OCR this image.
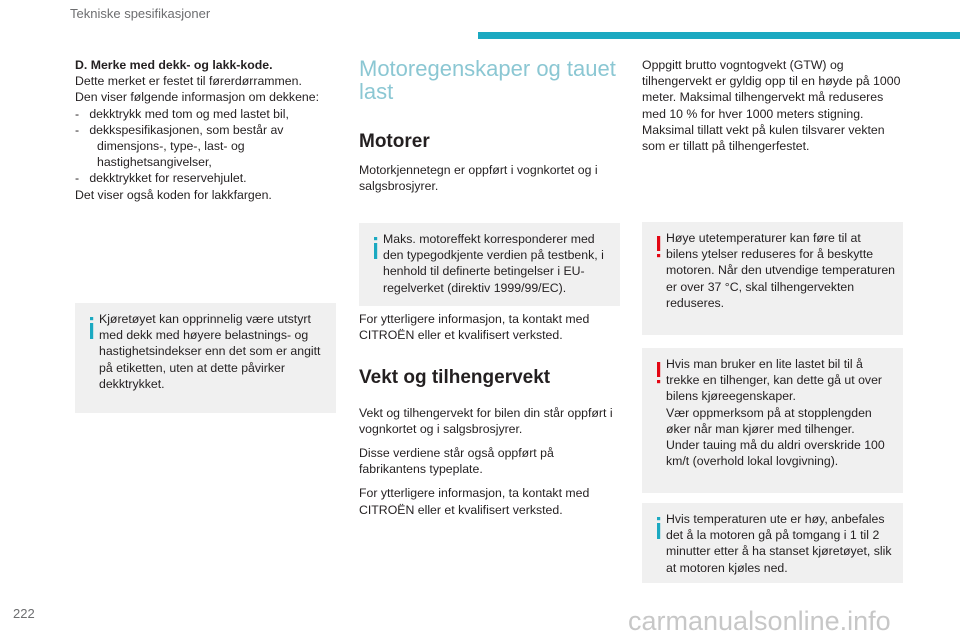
Tekniske spesifikasjoner

D. Merke med dekk- og lakk-kode.

Dette merket er festet til førerdørrammen.

Den viser følgende informasjon om dekkene:

-   dekktrykk med tom og med lastet bil,

-   dekkspesifikasjonen, som består av dimensjons-, type-, last- og hastighetsangivelser,

-   dekktrykket for reservehjulet.

Det viser også koden for lakkfargen.

Kjøretøyet kan opprinnelig være utstyrt med dekk med høyere belastnings- og hastighetsindekser enn det som er angitt på etiketten, uten at dette påvirker dekktrykket.
Motoregenskaper og tauet last
Motorer

Motorkjennetegn er oppført i vognkortet og i salgsbrosjyrer.

Maks. motoreffekt korresponderer med den typegodkjente verdien på testbenk, i henhold til definerte betingelser i EU-regelverket (direktiv 1999/99/EC).

For ytterligere informasjon, ta kontakt med CITROËN eller et kvalifisert verksted.

Vekt og tilhengervekt

Vekt og tilhengervekt for bilen din står oppført i vognkortet og i salgsbrosjyrer.

Disse verdiene står også oppført på fabrikantens typeplate.

For ytterligere informasjon, ta kontakt med CITROËN eller et kvalifisert verksted.

Oppgitt brutto vogntogvekt (GTW) og tilhengervekt er gyldig opp til en høyde på 1000 meter. Maksimal tilhengervekt må reduseres med 10 % for hver 1000 meters stigning.

Maksimal tillatt vekt på kulen tilsvarer vekten som er tillatt på tilhengerfestet.

Høye utetemperaturer kan føre til at bilens ytelser reduseres for å beskytte motoren. Når den utvendige temperaturen er over 37 °C, skal tilhengervekten reduseres.

Hvis man bruker en lite lastet bil til å trekke en tilhenger, kan dette gå ut over bilens kjøreegenskaper.

Vær oppmerksom på at stopplengden øker når man kjører med tilhenger.

Under tauing må du aldri overskride 100 km/t (overhold lokal lovgivning).

Hvis temperaturen ute er høy, anbefales det å la motoren gå på tomgang i 1 til 2 minutter etter å ha stanset kjøretøyet, slik at motoren kjøles ned.
222	carmanualsonline.info
